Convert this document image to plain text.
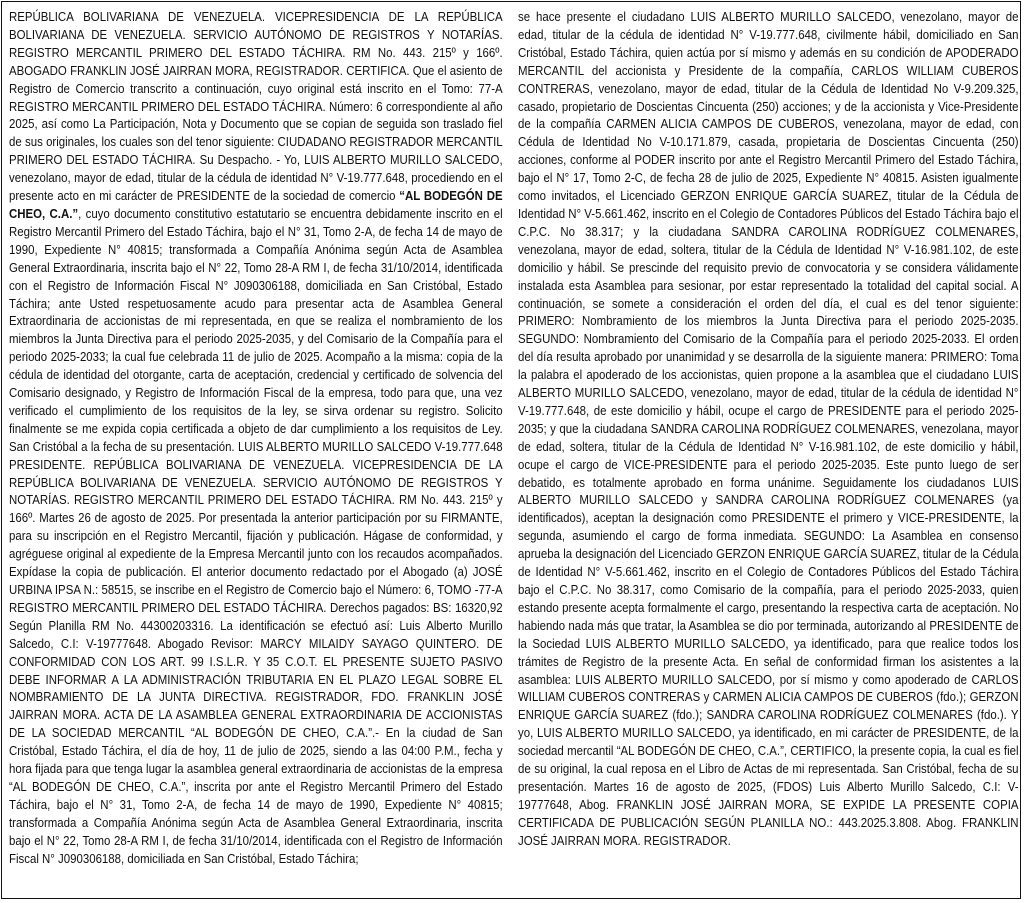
REPÚBLICA BOLIVARIANA DE VENEZUELA. VICEPRESIDENCIA DE LA REPÚBLICA BOLIVARIANA DE VENEZUELA. SERVICIO AUTÓNOMO DE REGISTROS Y NOTARÍAS. REGISTRO MERCANTIL PRIMERO DEL ESTADO TÁCHIRA. RM No. 443. 215º y 166º. ABOGADO FRANKLIN JOSÉ JAIRRAN MORA, REGISTRADOR. CERTIFICA. Que el asiento de Registro de Comercio transcrito a continuación, cuyo original está inscrito en el Tomo: 77-A REGISTRO MERCANTIL PRIMERO DEL ESTADO TÁCHIRA. Número: 6 correspondiente al año 2025, así como La Participación, Nota y Documento que se copian de seguida son traslado fiel de sus originales, los cuales son del tenor siguiente: CIUDADANO REGISTRADOR MERCANTIL PRIMERO DEL ESTADO TÁCHIRA. Su Despacho. - Yo, LUIS ALBERTO MURILLO SALCEDO, venezolano, mayor de edad, titular de la cédula de identidad N° V-19.777.648, procediendo en el presente acto en mi carácter de PRESIDENTE de la sociedad de comercio “AL BODEGÓN DE CHEO, C.A.”, cuyo documento constitutivo estatutario se encuentra debidamente inscrito en el Registro Mercantil Primero del Estado Táchira, bajo el N° 31, Tomo 2-A, de fecha 14 de mayo de 1990, Expediente N° 40815; transformada a Compañía Anónima según Acta de Asamblea General Extraordinaria, inscrita bajo el N° 22, Tomo 28-A RM I, de fecha 31/10/2014, identificada con el Registro de Información Fiscal N° J090306188, domiciliada en San Cristóbal, Estado Táchira; ante Usted respetuosamente acudo para presentar acta de Asamblea General Extraordinaria de accionistas de mi representada, en que se realiza el nombramiento de los miembros la Junta Directiva para el periodo 2025-2035, y del Comisario de la Compañía para el periodo 2025-2033; la cual fue celebrada 11 de julio de 2025. Acompaño a la misma: copia de la cédula de identidad del otorgante, carta de aceptación, credencial y certificado de solvencia del Comisario designado, y Registro de Información Fiscal de la empresa, todo para que, una vez verificado el cumplimiento de los requisitos de la ley, se sirva ordenar su registro. Solicito finalmente se me expida copia certificada a objeto de dar cumplimiento a los requisitos de Ley. San Cristóbal a la fecha de su presentación. LUIS ALBERTO MURILLO SALCEDO V-19.777.648 PRESIDENTE. REPÚBLICA BOLIVARIANA DE VENEZUELA. VICEPRESIDENCIA DE LA REPÚBLICA BOLIVARIANA DE VENEZUELA. SERVICIO AUTÓNOMO DE REGISTROS Y NOTARÍAS. REGISTRO MERCANTIL PRIMERO DEL ESTADO TÁCHIRA. RM No. 443. 215º y 166º. Martes 26 de agosto de 2025. Por presentada la anterior participación por su FIRMANTE, para su inscripción en el Registro Mercantil, fijación y publicación. Hágase de conformidad, y agréguese original al expediente de la Empresa Mercantil junto con los recaudos acompañados. Expídase la copia de publicación. El anterior documento redactado por el Abogado (a) JOSÉ URBINA IPSA N.: 58515, se inscribe en el Registro de Comercio bajo el Número: 6, TOMO -77-A REGISTRO MERCANTIL PRIMERO DEL ESTADO TÁCHIRA. Derechos pagados: BS: 16320,92 Según Planilla RM No. 44300203316. La identificación se efectuó así: Luis Alberto Murillo Salcedo, C.I: V-19777648. Abogado Revisor: MARCY MILAIDY SAYAGO QUINTERO. DE CONFORMIDAD CON LOS ART. 99 I.S.L.R. Y 35 C.O.T. EL PRESENTE SUJETO PASIVO DEBE INFORMAR A LA ADMINISTRACIÓN TRIBUTARIA EN EL PLAZO LEGAL SOBRE EL NOMBRAMIENTO DE LA JUNTA DIRECTIVA. REGISTRADOR, FDO. FRANKLIN JOSÉ JAIRRAN MORA. ACTA DE LA ASAMBLEA GENERAL EXTRAORDINARIA DE ACCIONISTAS DE LA SOCIEDAD MERCANTIL “AL BODEGÓN DE CHEO, C.A.”.- En la ciudad de San Cristóbal, Estado Táchira, el día de hoy, 11 de julio de 2025, siendo a las 04:00 P.M., fecha y hora fijada para que tenga lugar la asamblea general extraordinaria de accionistas de la empresa “AL BODEGÓN DE CHEO, C.A.”, inscrita por ante el Registro Mercantil Primero del Estado Táchira, bajo el N° 31, Tomo 2-A, de fecha 14 de mayo de 1990, Expediente N° 40815; transformada a Compañía Anónima según Acta de Asamblea General Extraordinaria, inscrita bajo el N° 22, Tomo 28-A RM I, de fecha 31/10/2014, identificada con el Registro de Información Fiscal N° J090306188, domiciliada en San Cristóbal, Estado Táchira;

se hace presente el ciudadano LUIS ALBERTO MURILLO SALCEDO, venezolano, mayor de edad, titular de la cédula de identidad N° V-19.777.648, civilmente hábil, domiciliado en San Cristóbal, Estado Táchira, quien actúa por sí mismo y además en su condición de APODERADO MERCANTIL del accionista y Presidente de la compañía, CARLOS WILLIAM CUBEROS CONTRERAS, venezolano, mayor de edad, titular de la Cédula de Identidad No V-9.209.325, casado, propietario de Doscientas Cincuenta (250) acciones; y de la accionista y Vice-Presidente de la compañía CARMEN ALICIA CAMPOS DE CUBEROS, venezolana, mayor de edad, con Cédula de Identidad No V-10.171.879, casada, propietaria de Doscientas Cincuenta (250) acciones, conforme al PODER inscrito por ante el Registro Mercantil Primero del Estado Táchira, bajo el N° 17, Tomo 2-C, de fecha 28 de julio de 2025, Expediente N° 40815. Asisten igualmente como invitados, el Licenciado GERZON ENRIQUE GARCÍA SUAREZ, titular de la Cédula de Identidad N° V-5.661.462, inscrito en el Colegio de Contadores Públicos del Estado Táchira bajo el C.P.C. No 38.317; y la ciudadana SANDRA CAROLINA RODRÍGUEZ COLMENARES, venezolana, mayor de edad, soltera, titular de la Cédula de Identidad N° V-16.981.102, de este domicilio y hábil. Se prescinde del requisito previo de convocatoria y se considera válidamente instalada esta Asamblea para sesionar, por estar representado la totalidad del capital social. A continuación, se somete a consideración el orden del día, el cual es del tenor siguiente: PRIMERO: Nombramiento de los miembros la Junta Directiva para el periodo 2025-2035. SEGUNDO: Nombramiento del Comisario de la Compañía para el periodo 2025-2033. El orden del día resulta aprobado por unanimidad y se desarrolla de la siguiente manera: PRIMERO: Toma la palabra el apoderado de los accionistas, quien propone a la asamblea que el ciudadano LUIS ALBERTO MURILLO SALCEDO, venezolano, mayor de edad, titular de la cédula de identidad N° V-19.777.648, de este domicilio y hábil, ocupe el cargo de PRESIDENTE para el periodo 2025-2035; y que la ciudadana SANDRA CAROLINA RODRÍGUEZ COLMENARES, venezolana, mayor de edad, soltera, titular de la Cédula de Identidad N° V-16.981.102, de este domicilio y hábil, ocupe el cargo de VICE-PRESIDENTE para el periodo 2025-2035. Este punto luego de ser debatido, es totalmente aprobado en forma unánime. Seguidamente los ciudadanos LUIS ALBERTO MURILLO SALCEDO y SANDRA CAROLINA RODRÍGUEZ COLMENARES (ya identificados), aceptan la designación como PRESIDENTE el primero y VICE-PRESIDENTE, la segunda, asumiendo el cargo de forma inmediata. SEGUNDO: La Asamblea en consenso aprueba la designación del Licenciado GERZON ENRIQUE GARCÍA SUAREZ, titular de la Cédula de Identidad N° V-5.661.462, inscrito en el Colegio de Contadores Públicos del Estado Táchira bajo el C.P.C. No 38.317, como Comisario de la compañía, para el periodo 2025-2033, quien estando presente acepta formalmente el cargo, presentando la respectiva carta de aceptación. No habiendo nada más que tratar, la Asamblea se dio por terminada, autorizando al PRESIDENTE de la Sociedad LUIS ALBERTO MURILLO SALCEDO, ya identificado, para que realice todos los trámites de Registro de la presente Acta. En señal de conformidad firman los asistentes a la asamblea: LUIS ALBERTO MURILLO SALCEDO, por sí mismo y como apoderado de CARLOS WILLIAM CUBEROS CONTRERAS y CARMEN ALICIA CAMPOS DE CUBEROS (fdo.); GERZON ENRIQUE GARCÍA SUAREZ (fdo.); SANDRA CAROLINA RODRÍGUEZ COLMENARES (fdo.). Y yo, LUIS ALBERTO MURILLO SALCEDO, ya identificado, en mi carácter de PRESIDENTE, de la sociedad mercantil “AL BODEGÓN DE CHEO, C.A.”, CERTIFICO, la presente copia, la cual es fiel de su original, la cual reposa en el Libro de Actas de mi representada. San Cristóbal, fecha de su presentación. Martes 16 de agosto de 2025, (FDOS) Luis Alberto Murillo Salcedo, C.I: V-19777648, Abog. FRANKLIN JOSÉ JAIRRAN MORA, SE EXPIDE LA PRESENTE COPIA CERTIFICADA DE PUBLICACIÓN SEGÚN PLANILLA NO.: 443.2025.3.808. Abog. FRANKLIN JOSÉ JAIRRAN MORA. REGISTRADOR.
